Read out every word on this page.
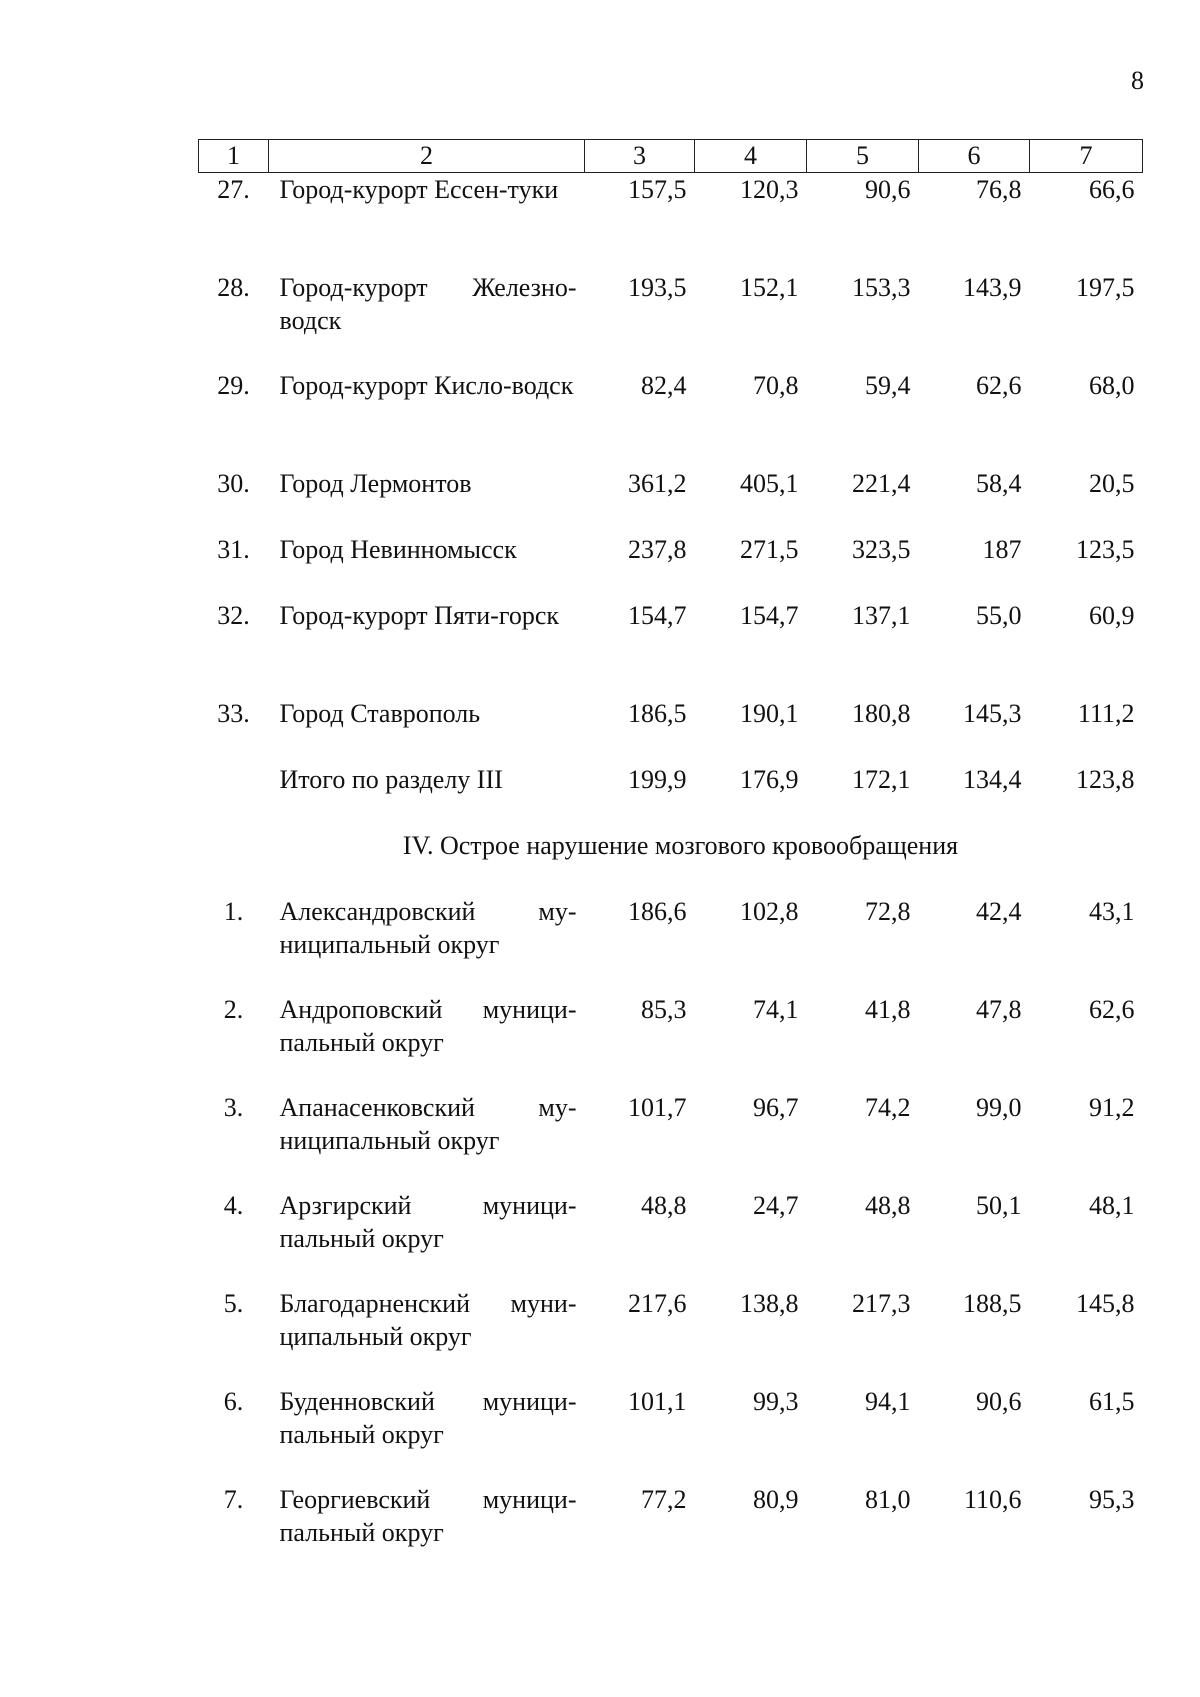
8
1	2	3	4	5	6	7
27.	Город-курорт Ессен-туки	157,5	120,3	90,6	76,8	66,6
28.	Город-курорт Железно-водск	193,5	152,1	153,3	143,9	197,5
29.	Город-курорт Кисло-водск	82,4	70,8	59,4	62,6	68,0
30.	Город Лермонтов	361,2	405,1	221,4	58,4	20,5
31.	Город Невинномысск	237,8	271,5	323,5	187	123,5
32.	Город-курорт Пяти-горск	154,7	154,7	137,1	55,0	60,9
33.	Город Ставрополь	186,5	190,1	180,8	145,3	111,2
	Итого по разделу III	199,9	176,9	172,1	134,4	123,8
IV. Острое нарушение мозгового кровообращения						
1.	Александровский му-ниципальный округ	186,6	102,8	72,8	42,4	43,1
2.	Андроповский муници-пальный округ	85,3	74,1	41,8	47,8	62,6
3.	Апанасенковский му-ниципальный округ	101,7	96,7	74,2	99,0	91,2
4.	Арзгирский муници-пальный округ	48,8	24,7	48,8	50,1	48,1
5.	Благодарненский муни-ципальный округ	217,6	138,8	217,3	188,5	145,8
6.	Буденновский муници-пальный округ	101,1	99,3	94,1	90,6	61,5
7.	Георгиевский муници-пальный округ	77,2	80,9	81,0	110,6	95,3
